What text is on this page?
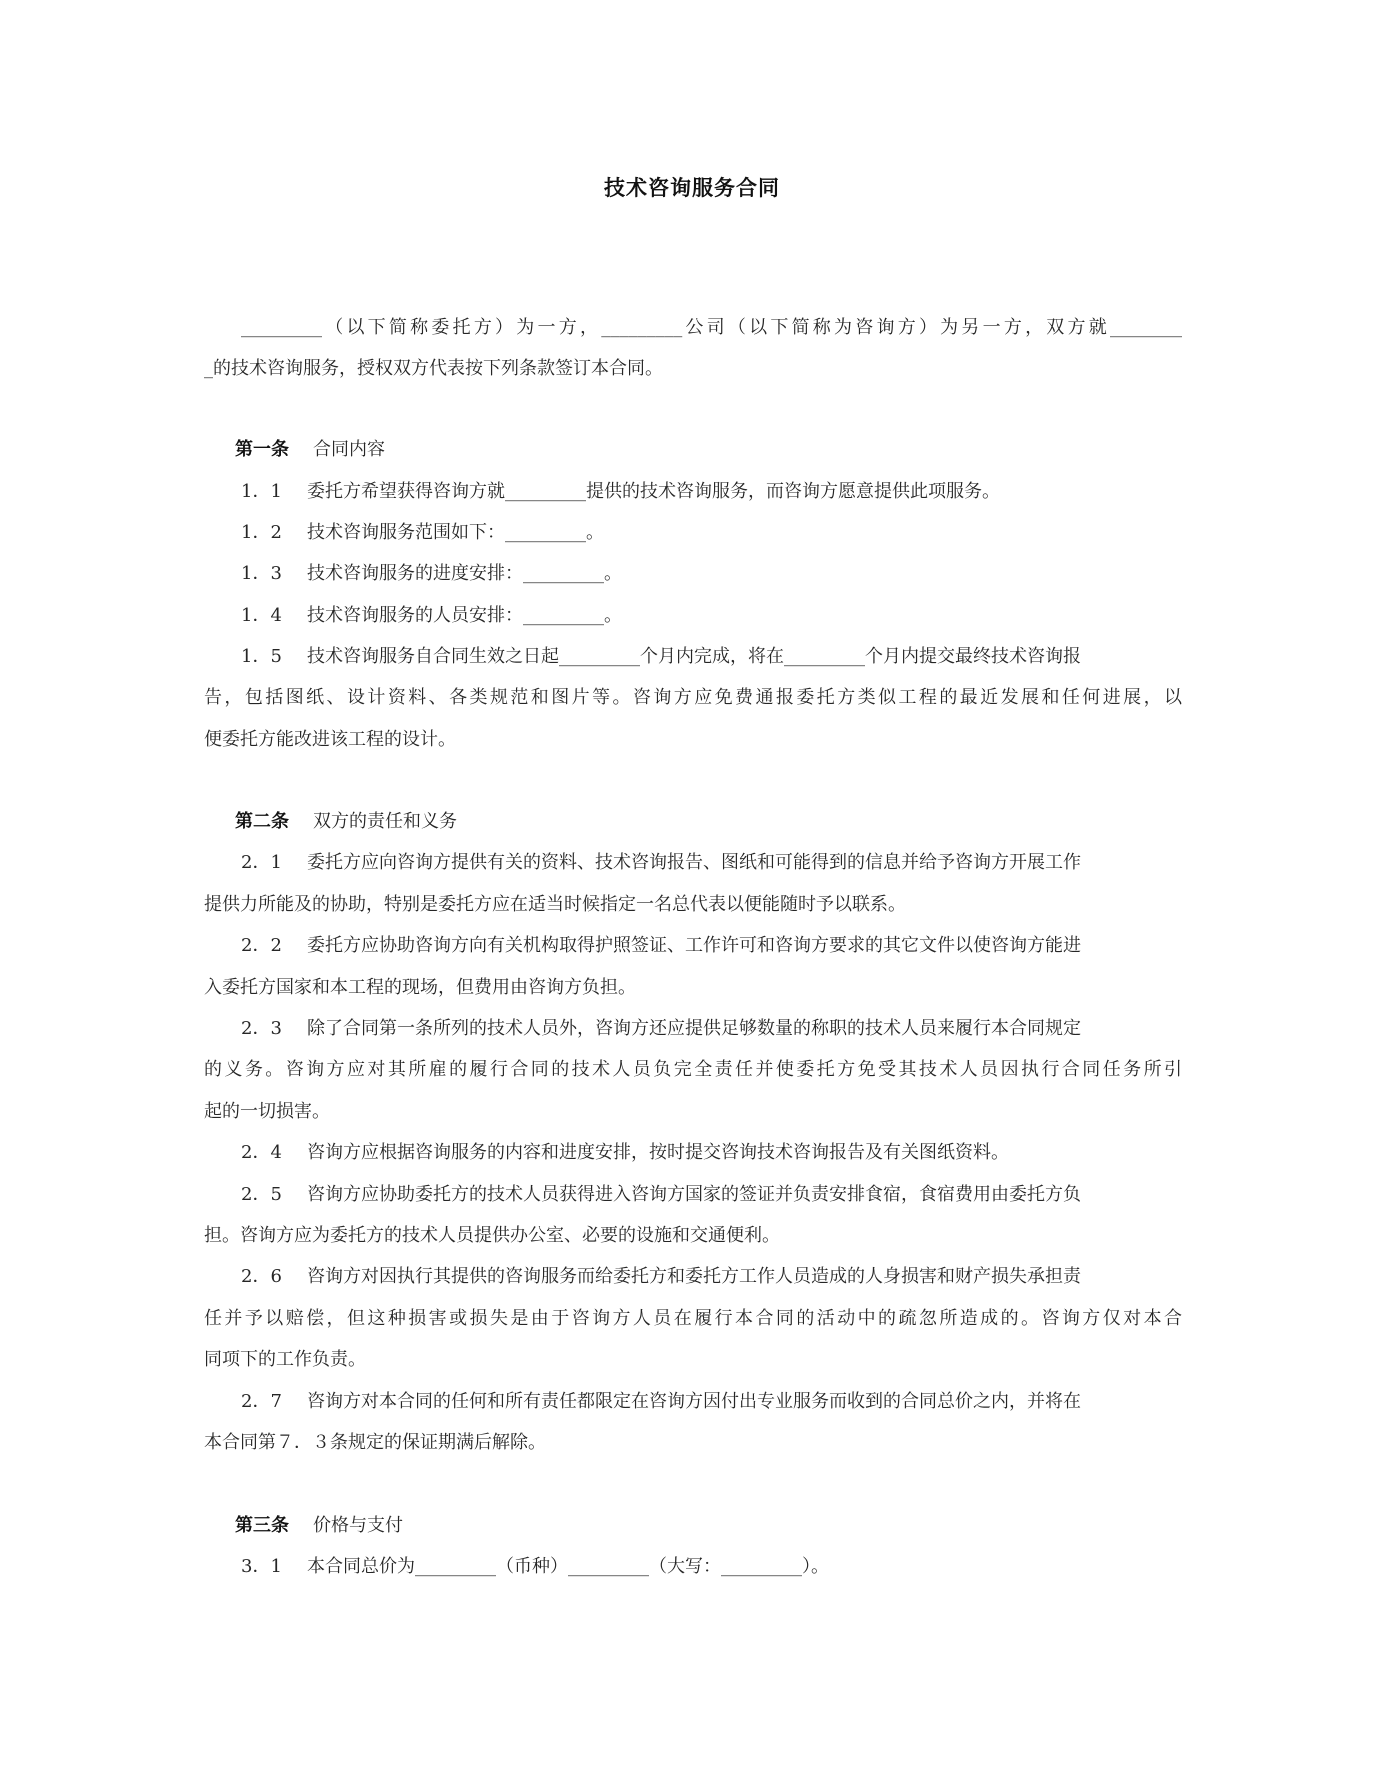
技术咨询服务合同
_________（以下简称委托方）为一方，_________公司（以下简称为咨询方）为另一方，双方就________
_的技术咨询服务，授权双方代表按下列条款签订本合同。
第一条 合同内容
1．1 委托方希望获得咨询方就_________提供的技术咨询服务，而咨询方愿意提供此项服务。
1．2 技术咨询服务范围如下：_________。
1．3 技术咨询服务的进度安排：_________。
1．4 技术咨询服务的人员安排：_________。
1．5 技术咨询服务自合同生效之日起_________个月内完成，将在_________个月内提交最终技术咨询报
告，包括图纸、设计资料、各类规范和图片等。咨询方应免费通报委托方类似工程的最近发展和任何进展，以
便委托方能改进该工程的设计。
第二条 双方的责任和义务
2．1 委托方应向咨询方提供有关的资料、技术咨询报告、图纸和可能得到的信息并给予咨询方开展工作
提供力所能及的协助，特别是委托方应在适当时候指定一名总代表以便能随时予以联系。
2．2 委托方应协助咨询方向有关机构取得护照签证、工作许可和咨询方要求的其它文件以使咨询方能进
入委托方国家和本工程的现场，但费用由咨询方负担。
2．3 除了合同第一条所列的技术人员外，咨询方还应提供足够数量的称职的技术人员来履行本合同规定
的义务。咨询方应对其所雇的履行合同的技术人员负完全责任并使委托方免受其技术人员因执行合同任务所引
起的一切损害。
2．4 咨询方应根据咨询服务的内容和进度安排，按时提交咨询技术咨询报告及有关图纸资料。
2．5 咨询方应协助委托方的技术人员获得进入咨询方国家的签证并负责安排食宿，食宿费用由委托方负
担。咨询方应为委托方的技术人员提供办公室、必要的设施和交通便利。
2．6 咨询方对因执行其提供的咨询服务而给委托方和委托方工作人员造成的人身损害和财产损失承担责
任并予以赔偿，但这种损害或损失是由于咨询方人员在履行本合同的活动中的疏忽所造成的。咨询方仅对本合
同项下的工作负责。
2．7 咨询方对本合同的任何和所有责任都限定在咨询方因付出专业服务而收到的合同总价之内，并将在
本合同第７．３条规定的保证期满后解除。
第三条 价格与支付
3．1 本合同总价为_________（币种）_________（大写：_________）。
